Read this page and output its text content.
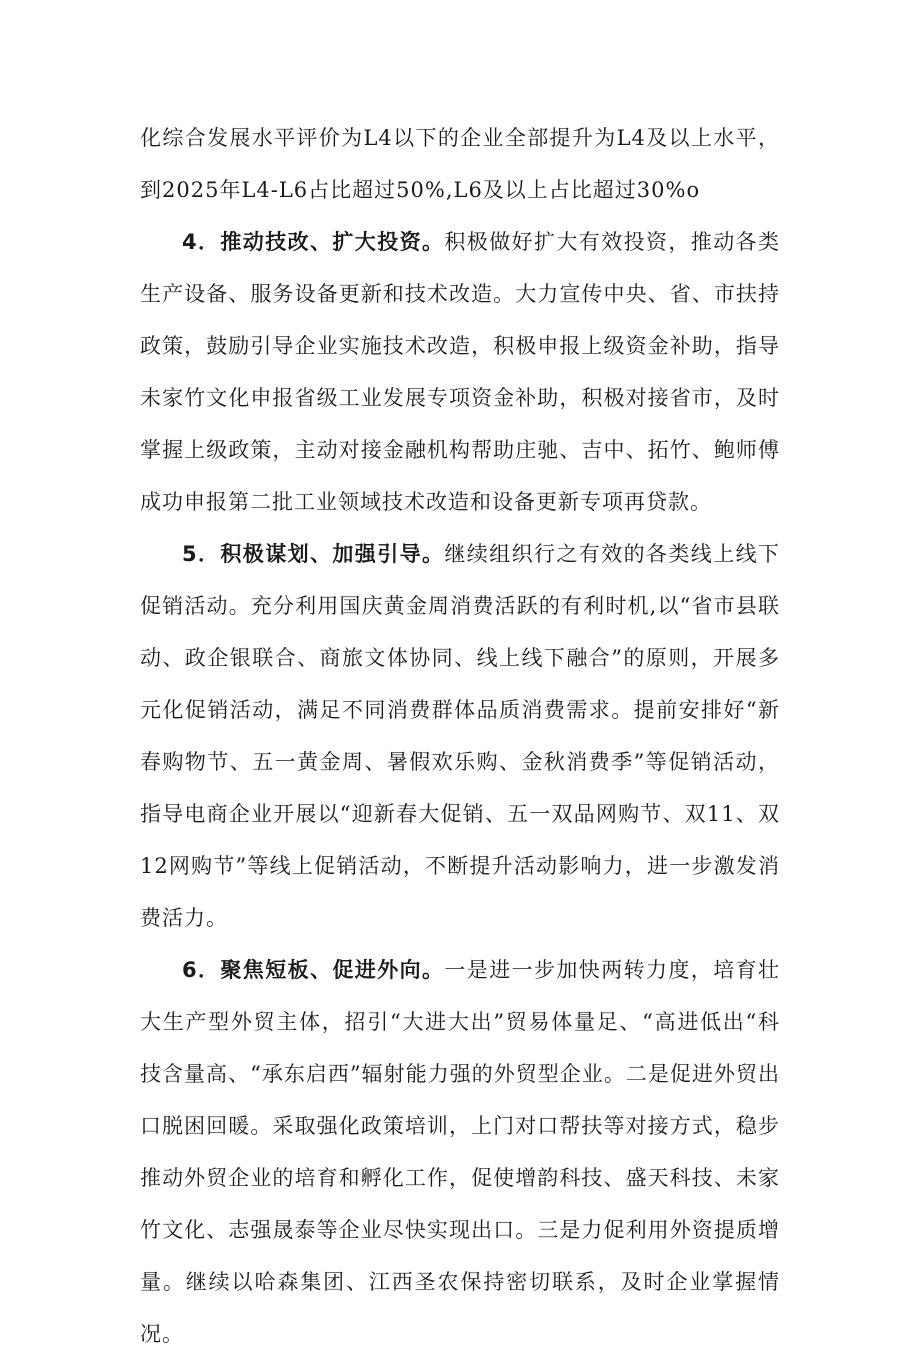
化综合发展水平评价为L4以下的企业全部提升为L4及以上水平，到2025年L4-L6占比超过50%,L6及以上占比超过30%o

4．推动技改、扩大投资。积极做好扩大有效投资，推动各类生产设备、服务设备更新和技术改造。大力宣传中央、省、市扶持政策，鼓励引导企业实施技术改造，积极申报上级资金补助，指导未家竹文化申报省级工业发展专项资金补助，积极对接省市，及时掌握上级政策，主动对接金融机构帮助庄驰、吉中、拓竹、鲍师傅成功申报第二批工业领域技术改造和设备更新专项再贷款。

5．积极谋划、加强引导。继续组织行之有效的各类线上线下促销活动。充分利用国庆黄金周消费活跃的有利时机,以“省市县联动、政企银联合、商旅文体协同、线上线下融合”的原则，开展多元化促销活动，满足不同消费群体品质消费需求。提前安排好“新春购物节、五一黄金周、暑假欢乐购、金秋消费季”等促销活动，指导电商企业开展以“迎新春大促销、五一双品网购节、双11、双12网购节”等线上促销活动，不断提升活动影响力，进一步激发消费活力。

6．聚焦短板、促进外向。一是进一步加快两转力度，培育壮大生产型外贸主体，招引“大进大出”贸易体量足、“高进低出“科技含量高、“承东启西”辐射能力强的外贸型企业。二是促进外贸出口脱困回暖。采取强化政策培训，上门对口帮扶等对接方式，稳步推动外贸企业的培育和孵化工作，促使增韵科技、盛天科技、未家竹文化、志强晟泰等企业尽快实现出口。三是力促利用外资提质增量。继续以哈森集团、江西圣农保持密切联系，及时企业掌握情况。
